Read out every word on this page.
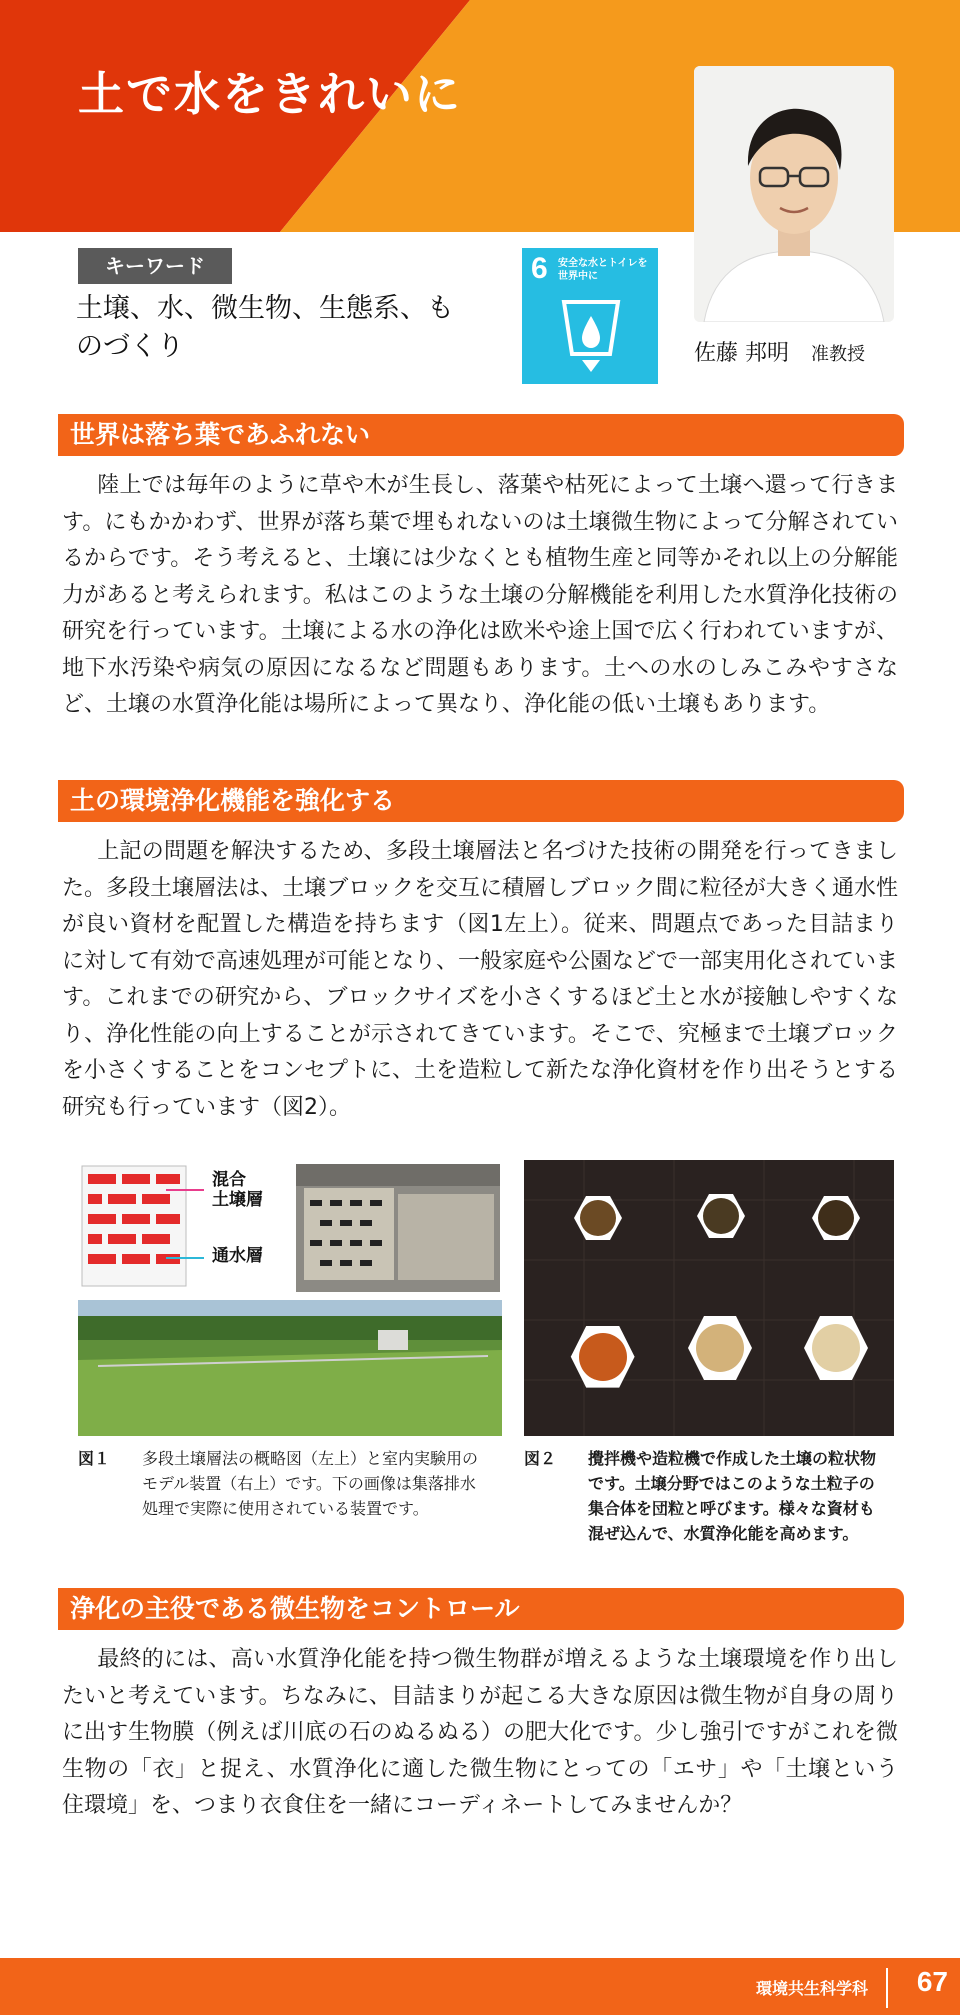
土で水をきれいに
佐藤 邦明 准教授
キーワード
土壌、水、微生物、生態系、ものづくり
6 安全な水とトイレを世界中に
世界は落ち葉であふれない

陸上では毎年のように草や木が生長し、落葉や枯死によって土壌へ還って行きます。にもかかわず、世界が落ち葉で埋もれないのは土壌微生物によって分解されているからです。そう考えると、土壌には少なくとも植物生産と同等かそれ以上の分解能力があると考えられます。私はこのような土壌の分解機能を利用した水質浄化技術の研究を行っています。土壌による水の浄化は欧米や途上国で広く行われていますが、地下水汚染や病気の原因になるなど問題もあります。土への水のしみこみやすさなど、土壌の水質浄化能は場所によって異なり、浄化能の低い土壌もあります。

土の環境浄化機能を強化する

上記の問題を解決するため、多段土壌層法と名づけた技術の開発を行ってきました。多段土壌層法は、土壌ブロックを交互に積層しブロック間に粒径が大きく通水性が良い資材を配置した構造を持ちます（図1左上）。従来、問題点であった目詰まりに対して有効で高速処理が可能となり、一般家庭や公園などで一部実用化されています。これまでの研究から、ブロックサイズを小さくするほど土と水が接触しやすくなり、浄化性能の向上することが示されてきています。そこで、究極まで土壌ブロックを小さくすることをコンセプトに、土を造粒して新たな浄化資材を作り出そうとする研究も行っています（図2）。

混合
土壌層
通水層
図１ 多段土壌層法の概略図（左上）と室内実験用のモデル装置（右上）です。下の画像は集落排水処理で実際に使用されている装置です。
図２ 攪拌機や造粒機で作成した土壌の粒状物です。土壌分野ではこのような土粒子の集合体を団粒と呼びます。様々な資材も混ぜ込んで、水質浄化能を高めます。
浄化の主役である微生物をコントロール

最終的には、高い水質浄化能を持つ微生物群が増えるような土壌環境を作り出したいと考えています。ちなみに、目詰まりが起こる大きな原因は微生物が自身の周りに出す生物膜（例えば川底の石のぬるぬる）の肥大化です。少し強引ですがこれを微生物の「衣」と捉え、水質浄化に適した微生物にとっての「エサ」や「土壌という住環境」を、つまり衣食住を一緒にコーディネートしてみませんか？

環境共生科学科 67
